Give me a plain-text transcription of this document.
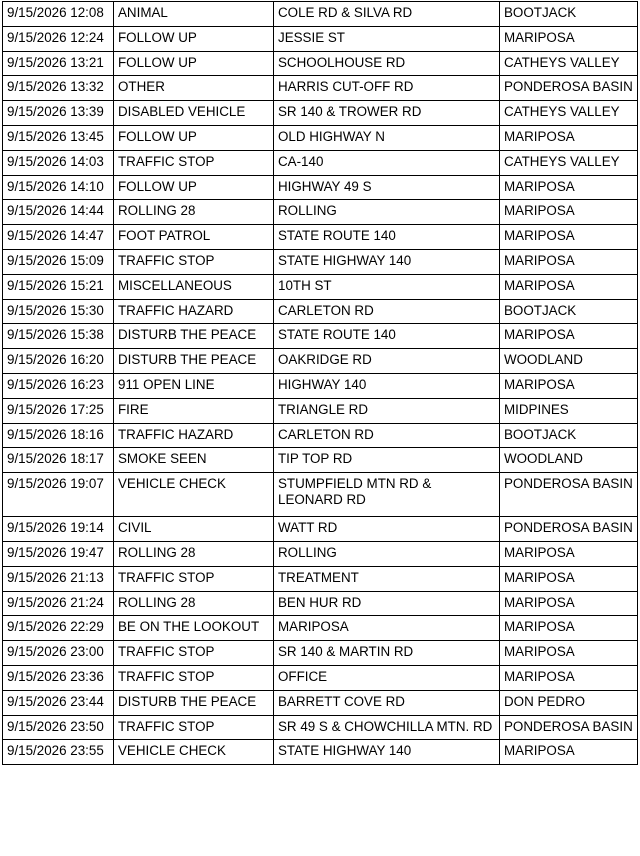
9/15/2026 12:08	ANIMAL	COLE RD & SILVA RD	BOOTJACK
9/15/2026 12:24	FOLLOW UP	JESSIE ST	MARIPOSA
9/15/2026 13:21	FOLLOW UP	SCHOOLHOUSE RD	CATHEYS VALLEY
9/15/2026 13:32	OTHER	HARRIS CUT-OFF RD	PONDEROSA BASIN
9/15/2026 13:39	DISABLED VEHICLE	SR 140 & TROWER RD	CATHEYS VALLEY
9/15/2026 13:45	FOLLOW UP	OLD HIGHWAY N	MARIPOSA
9/15/2026 14:03	TRAFFIC STOP	CA-140	CATHEYS VALLEY
9/15/2026 14:10	FOLLOW UP	HIGHWAY 49 S	MARIPOSA
9/15/2026 14:44	ROLLING 28	ROLLING	MARIPOSA
9/15/2026 14:47	FOOT PATROL	STATE ROUTE 140	MARIPOSA
9/15/2026 15:09	TRAFFIC STOP	STATE HIGHWAY 140	MARIPOSA
9/15/2026 15:21	MISCELLANEOUS	10TH ST	MARIPOSA
9/15/2026 15:30	TRAFFIC HAZARD	CARLETON RD	BOOTJACK
9/15/2026 15:38	DISTURB THE PEACE	STATE ROUTE 140	MARIPOSA
9/15/2026 16:20	DISTURB THE PEACE	OAKRIDGE RD	WOODLAND
9/15/2026 16:23	911 OPEN LINE	HIGHWAY 140	MARIPOSA
9/15/2026 17:25	FIRE	TRIANGLE RD	MIDPINES
9/15/2026 18:16	TRAFFIC HAZARD	CARLETON RD	BOOTJACK
9/15/2026 18:17	SMOKE SEEN	TIP TOP RD	WOODLAND
9/15/2026 19:07	VEHICLE CHECK	STUMPFIELD MTN RD & LEONARD RD	PONDEROSA BASIN
9/15/2026 19:14	CIVIL	WATT RD	PONDEROSA BASIN
9/15/2026 19:47	ROLLING 28	ROLLING	MARIPOSA
9/15/2026 21:13	TRAFFIC STOP	TREATMENT	MARIPOSA
9/15/2026 21:24	ROLLING 28	BEN HUR RD	MARIPOSA
9/15/2026 22:29	BE ON THE LOOKOUT	MARIPOSA	MARIPOSA
9/15/2026 23:00	TRAFFIC STOP	SR 140 & MARTIN RD	MARIPOSA
9/15/2026 23:36	TRAFFIC STOP	OFFICE	MARIPOSA
9/15/2026 23:44	DISTURB THE PEACE	BARRETT COVE RD	DON PEDRO
9/15/2026 23:50	TRAFFIC STOP	SR 49 S & CHOWCHILLA MTN. RD	PONDEROSA BASIN
9/15/2026 23:55	VEHICLE CHECK	STATE HIGHWAY 140	MARIPOSA
